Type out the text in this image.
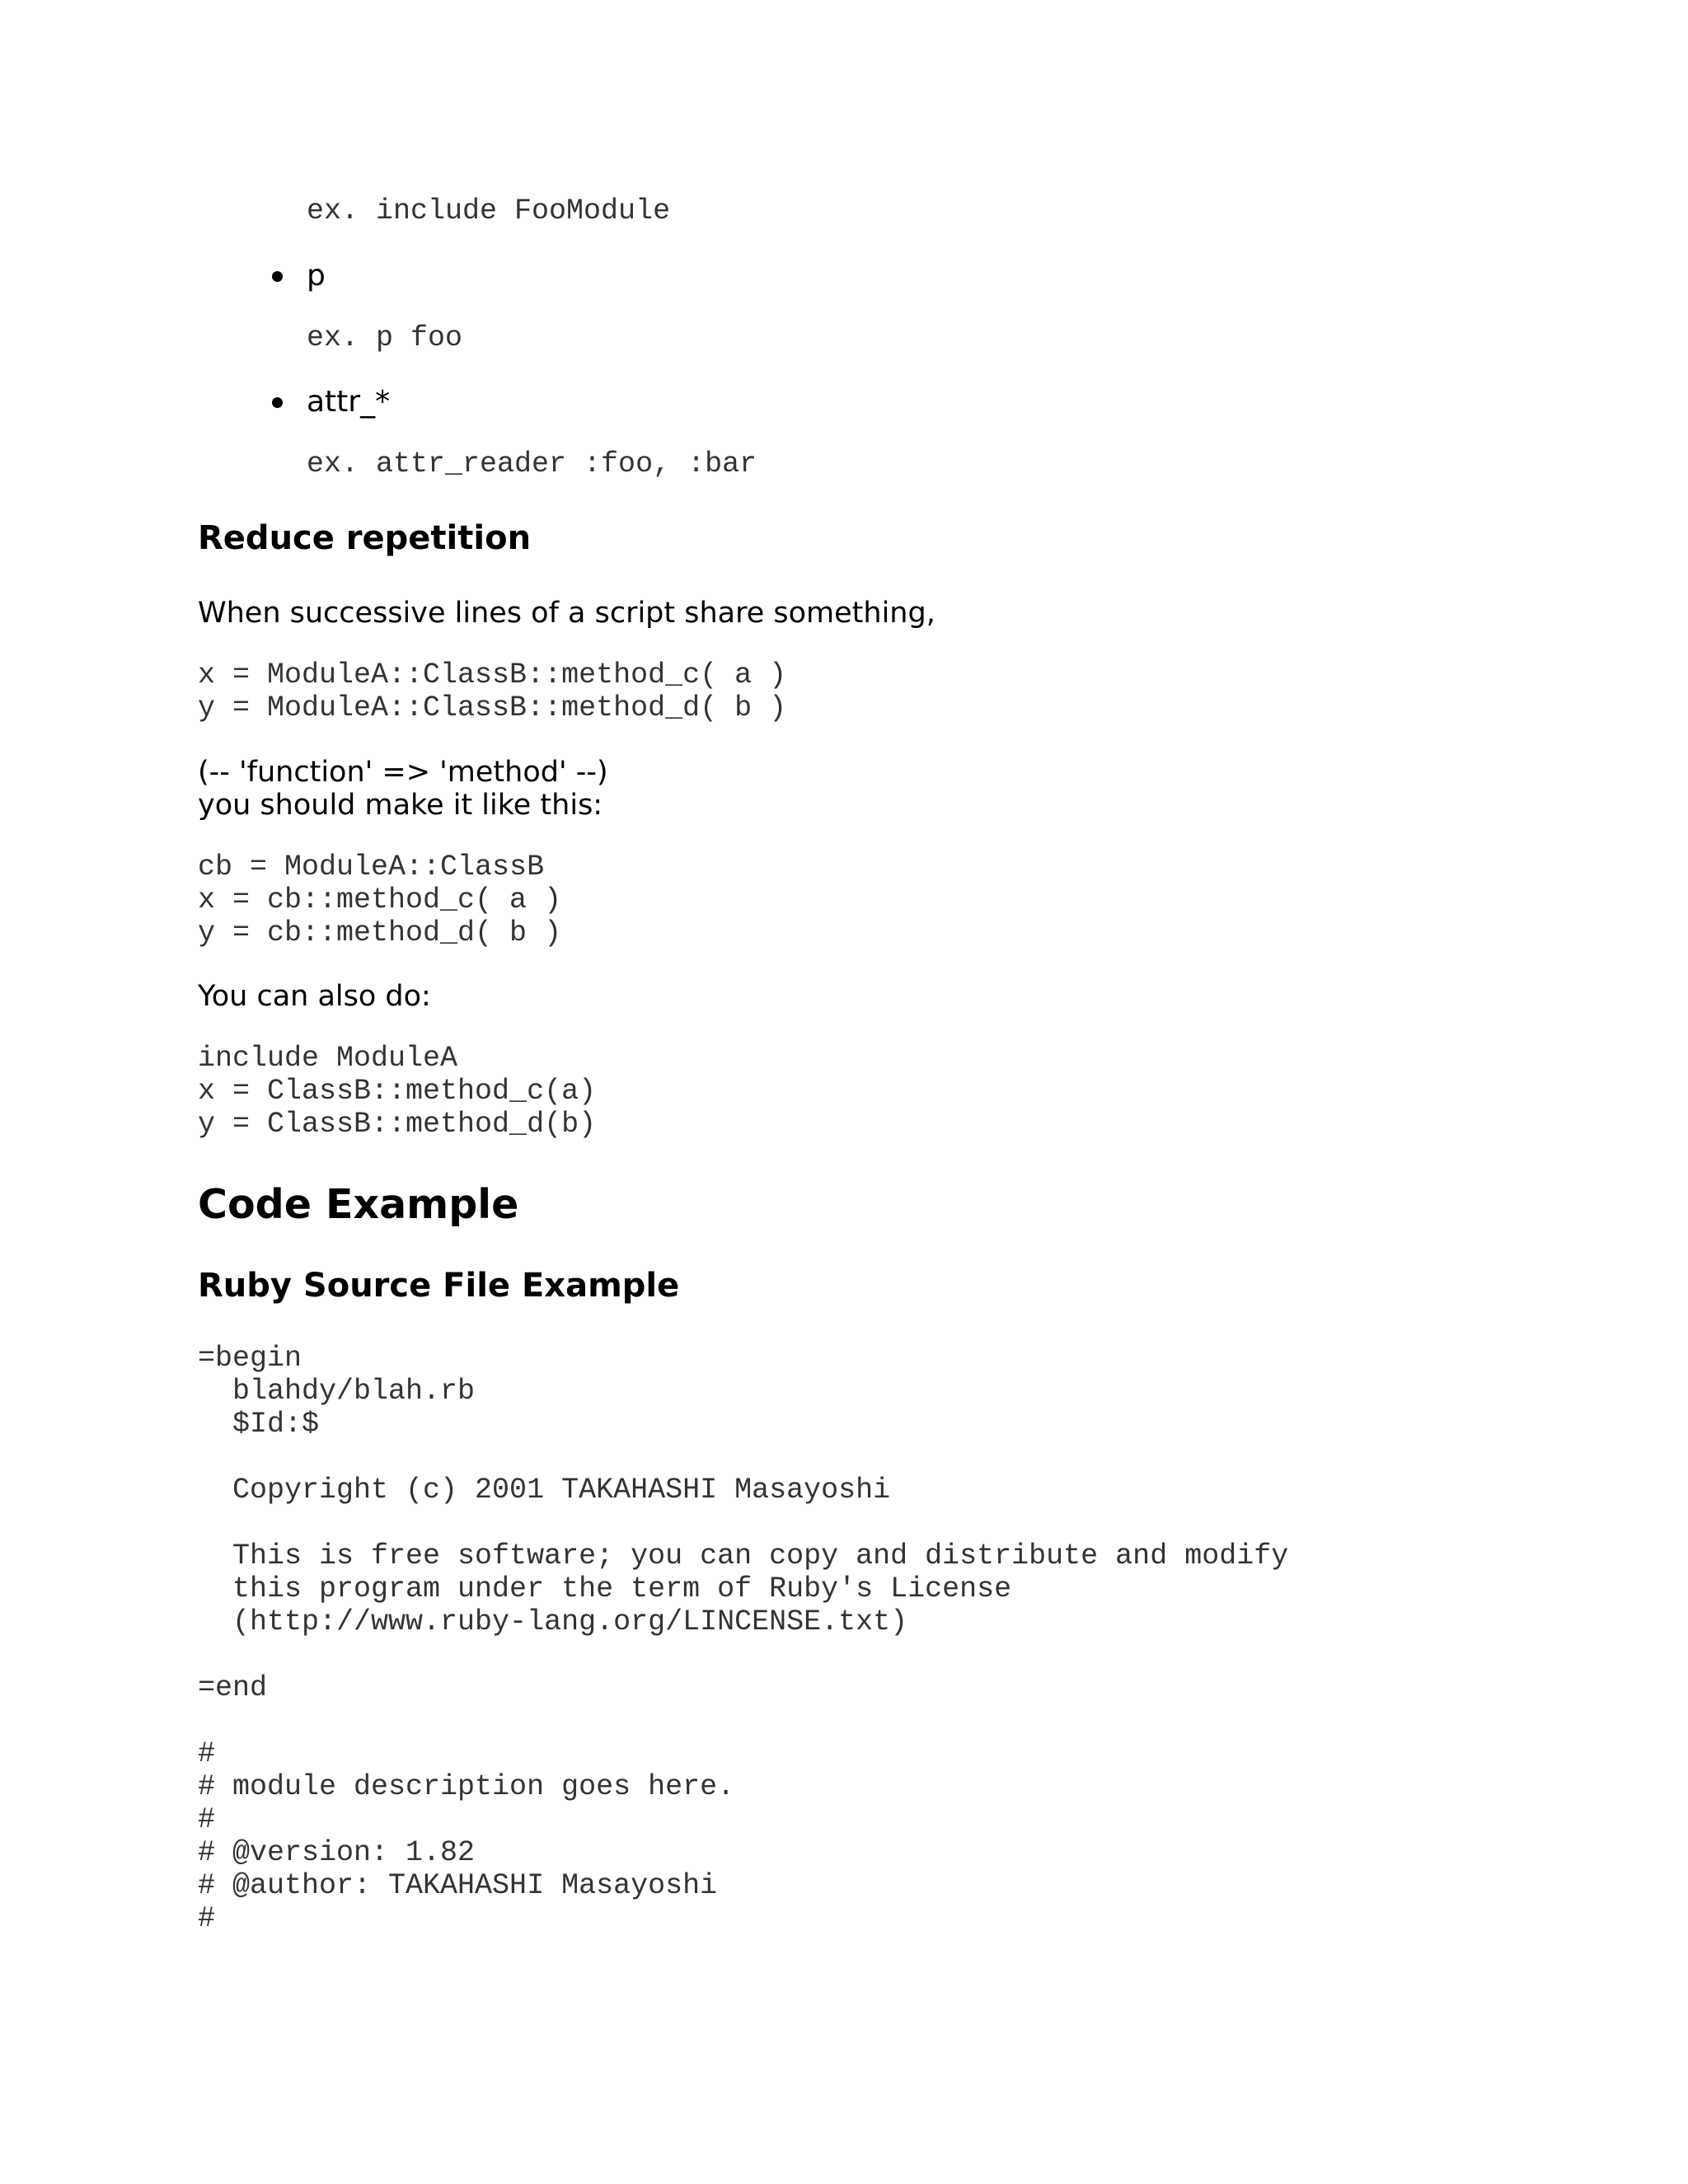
ex. include FooModule
p
ex. p foo
attr_*
ex. attr_reader :foo, :bar
Reduce repetition

When successive lines of a script share something,

x = ModuleA::ClassB::method_c( a )
y = ModuleA::ClassB::method_d( b )

(-- 'function' => 'method' --)

you should make it like this:

cb = ModuleA::ClassB
x = cb::method_c( a )
y = cb::method_d( b )

You can also do:

include ModuleA
x = ClassB::method_c(a)
y = ClassB::method_d(b)
Code Example
Ruby Source File Example
=begin
blahdy/blah.rb
$Id:$

Copyright (c) 2001 TAKAHASHI Masayoshi

This is free software; you can copy and distribute and modify
this program under the term of Ruby's License
(http://www.ruby-lang.org/LINCENSE.txt)

=end

#
# module description goes here.
#
# @version: 1.82
# @author: TAKAHASHI Masayoshi
#
